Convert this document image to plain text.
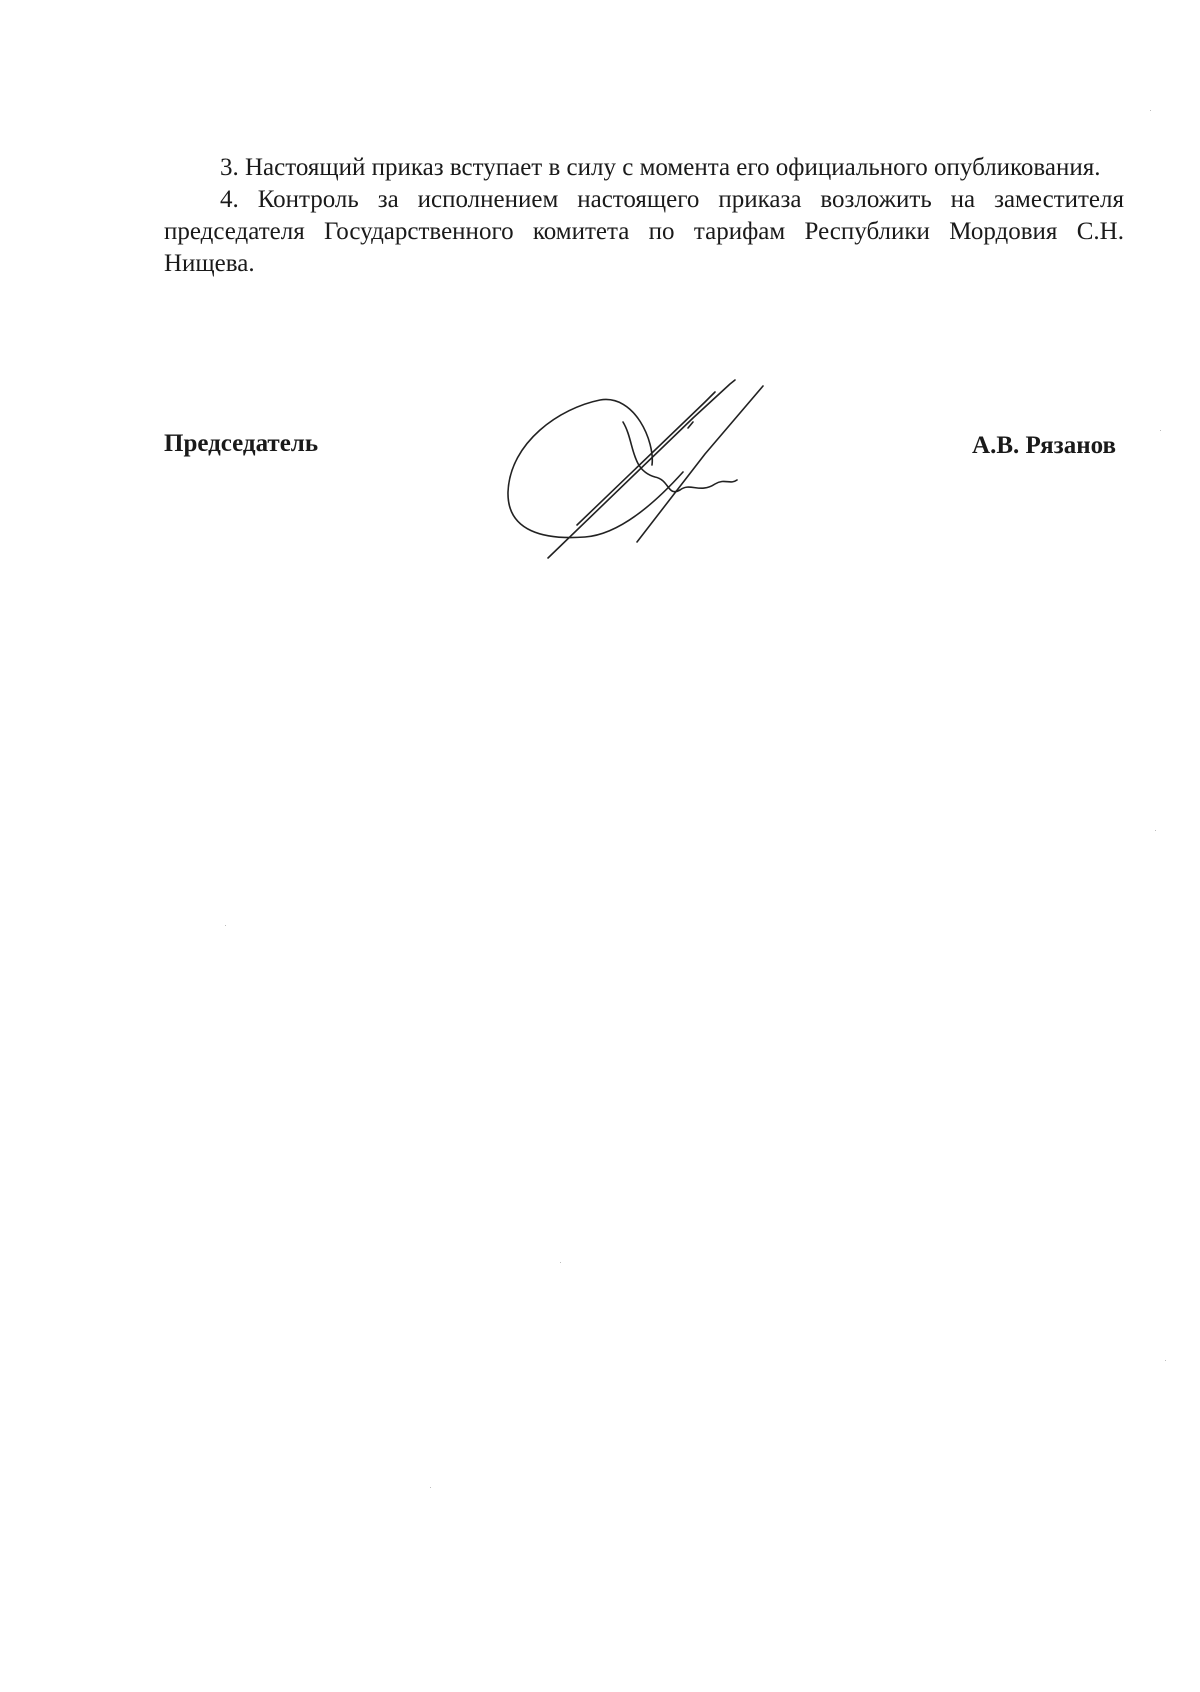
3. Настоящий приказ вступает в силу с момента его официального опубликования.

4. Контроль за исполнением настоящего приказа возложить на заместителя председателя Государственного комитета по тарифам Республики Мордовия С.Н. Нищева.

Председатель	А.В. Рязанов
